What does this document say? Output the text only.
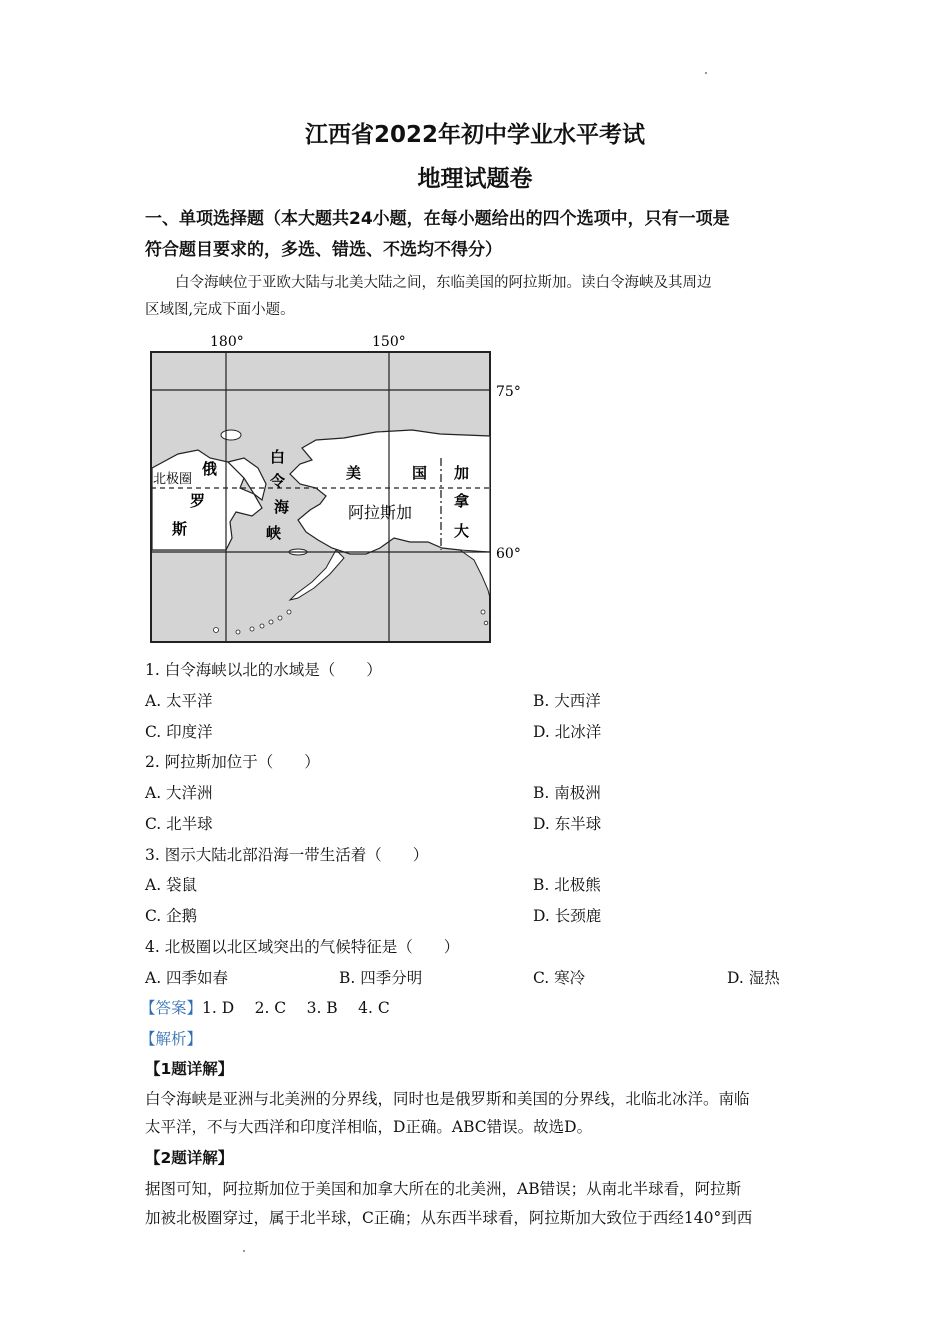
江西省2022年初中学业水平考试
地理试题卷
一、单项选择题（本大题共24小题，在每小题给出的四个选项中，只有一项是
符合题目要求的，多选、错选、不选均不得分）
白令海峡位于亚欧大陆与北美大陆之间，东临美国的阿拉斯加。读白令海峡及其周边
区域图,完成下面小题。
180°	150°
75°
60°
北极圈
俄
罗
斯
白
令
海
峡
美	国
阿拉斯加
加
拿
大
1. 白令海峡以北的水域是（　　）
A. 太平洋	B. 大西洋
C. 印度洋	D. 北冰洋
2. 阿拉斯加位于（　　）
A. 大洋洲	B. 南极洲
C. 北半球	D. 东半球
3. 图示大陆北部沿海一带生活着（　　）
A. 袋鼠	B. 北极熊
C. 企鹅	D. 长颈鹿
4. 北极圈以北区域突出的气候特征是（　　）
A. 四季如春	B. 四季分明	C. 寒冷	D. 湿热
【答案】1. D　 2. C　 3. B　 4. C
【解析】
【1题详解】
白令海峡是亚洲与北美洲的分界线，同时也是俄罗斯和美国的分界线，北临北冰洋。南临
太平洋，不与大西洋和印度洋相临，D正确。ABC错误。故选D。
【2题详解】
据图可知，阿拉斯加位于美国和加拿大所在的北美洲，AB错误；从南北半球看，阿拉斯
加被北极圈穿过，属于北半球，C正确；从东西半球看，阿拉斯加大致位于西经140°到西
